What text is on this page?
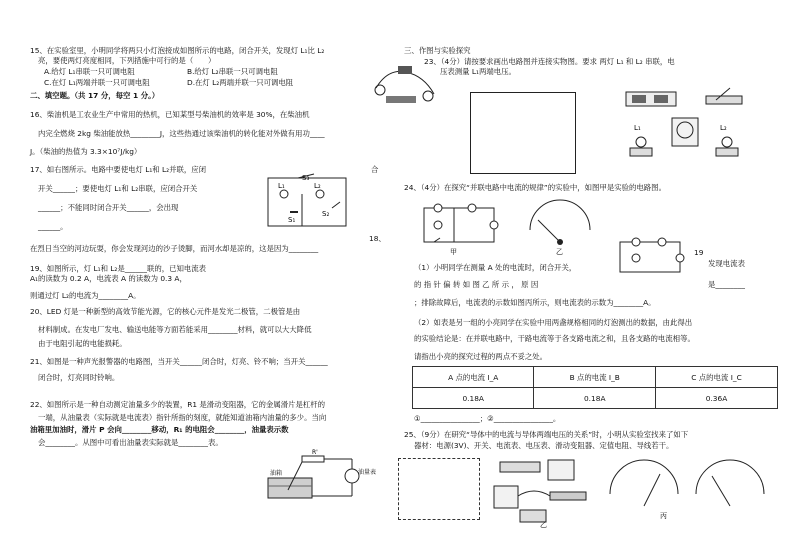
15、在实验室里，小明同学将两只小灯泡接成如图所示的电路，闭合开关，发现灯 L₁比 L₂
亮，要使两灯亮度相同，下列措施中可行的是（　　）
A.给灯 L₁串联一只可调电阻	B.给灯 L₂串联一只可调电阻
C.在灯 L₁两端并联一只可调电阻	D.在灯 L₂两端并联一只可调电阻
二、填空题。（共 17 分，每空 1 分。）
16、柴油机是工农业生产中常用的热机，已知某型号柴油机的效率是 30%，在柴油机
内完全燃烧 2kg 柴油能放热________J，这些热通过该柴油机的转化能对外做有用功____
J。（柴油的热值为 3.3×10⁷J/kg）
17、如右图所示。电路中要使电灯 L₁和 L₂并联，应闭	合
开关______；要使电灯 L₁和 L₂串联，应闭合开关
______；不能同时闭合开关______，会出现
______。
S₃
L₁	L₂
S₁
S₂
在烈日当空的河边玩耍，你会发现河边的沙子烫脚，而河水却是凉的，这是因为________
18、
19、如图所示，灯 L₁和 L₂是______联的，已知电流表
A₁的读数为 0.2 A，电流表 A 的读数为 0.3 A，
则通过灯 L₂的电流为________A。
20、LED 灯是一种新型的高效节能光源，它的核心元件是发光二极管，二极管是由
材料制成。在发电厂发电、输送电能等方面若能采用________材料，就可以大大降低
由于电阻引起的电能损耗。
21、如图是一种声光报警器的电路图，当开关______闭合时，灯亮、铃不响；当开关______
闭合时，灯亮同时铃响。
22、如图所示是一种自动测定油量多少的装置，R1 是滑动变阻器，它的金属滑片是杠杆的
一端，从油量表（实际就是电流表）指针所指的刻度，就能知道油箱内油量的多少。当向
油箱里加油时，滑片 P 会向________移动，R₁ 的电阻会________，油量表示数
会________。从图中可看出油量表实际就是________表。
R'
油量表
油箱
三、作图与实验探究
23、（4分）请按要求画出电路图并连接实物图。要求 两灯 L₁ 和 L₂ 串联，电
压表测量 L₁两端电压。
L₁	L₂
24、（4分）在探究“并联电路中电流的规律”的实验中，如图甲是实验的电路图。
甲	乙	19
（1）小明同学在测量 A 处的电流时，闭合开关，	发现电流表
的 指 针 偏 转 如 图 乙 所 示 ， 原 因	是________
；排除故障后，电流表的示数如图丙所示，则电流表的示数为________A。
（2）如表是另一组的小亮同学在实验中用两盏规格相同的灯泡测出的数据，由此得出
的实验结论是：在并联电路中，干路电流等于各支路电流之和，且各支路的电流相等。
请指出小亮的探究过程的两点不妥之处。
A 点的电流 I_A	B 点的电流 I_B	C 点的电流 I_C
0.18A	0.18A	0.36A
①________________；②________________。
25、（9分）在研究“导体中的电流与导体两端电压的关系”时，小明从实验室找来了如下
器材：电源(3V)、开关、电流表、电压表、滑动变阻器、定值电阻、导线若干。
乙
丙
